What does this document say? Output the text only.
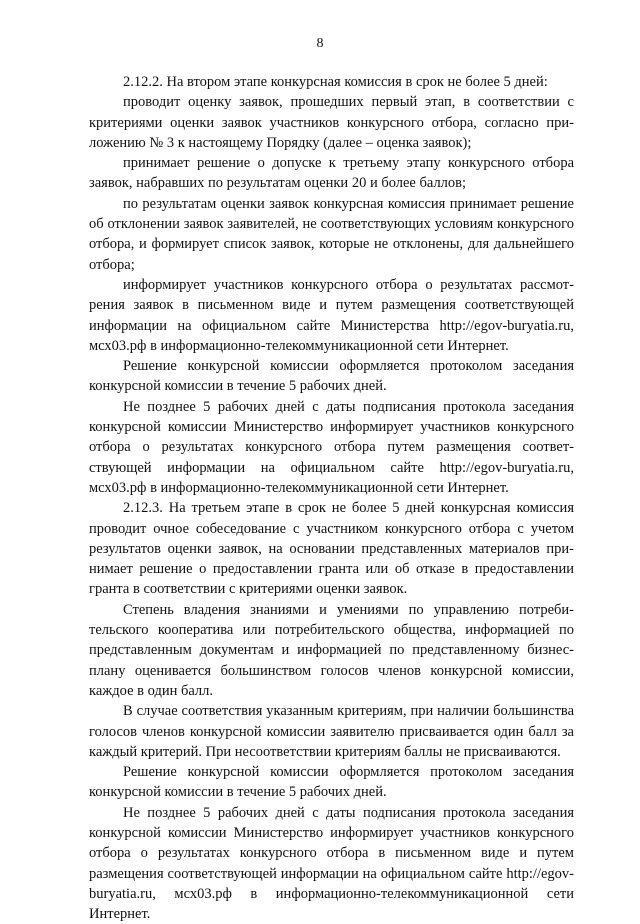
8

2.12.2. На втором этапе конкурсная комиссия в срок не более 5 дней:

проводит оценку заявок, прошедших первый этап, в соответствии с критериями оценки заявок участников конкурсного отбора, согласно приложению № 3 к настоящему Порядку (далее – оценка заявок);

принимает решение о допуске к третьему этапу конкурсного отбора заявок, набравших по результатам оценки 20 и более баллов;

по результатам оценки заявок конкурсная комиссия принимает решение об отклонении заявок заявителей, не соответствующих условиям конкурсного отбора, и формирует список заявок, которые не отклонены, для дальнейшего отбора;

информирует участников конкурсного отбора о результатах рассмотрения заявок в письменном виде и путем размещения соответствующей информации на официальном сайте Министерства http://egov-buryatia.ru, мсх03.рф в информационно-телекоммуникационной сети Интернет.

Решение конкурсной комиссии оформляется протоколом заседания конкурсной комиссии в течение 5 рабочих дней.

Не позднее 5 рабочих дней с даты подписания протокола заседания конкурсной комиссии Министерство информирует участников конкурсного отбора о результатах конкурсного отбора путем размещения соответствующей информации на официальном сайте http://egov-buryatia.ru, мсх03.рф в информационно-телекоммуникационной сети Интернет.

2.12.3. На третьем этапе в срок не более 5 дней конкурсная комиссия проводит очное собеседование с участником конкурсного отбора с учетом результатов оценки заявок, на основании представленных материалов принимает решение о предоставлении гранта или об отказе в предоставлении гранта в соответствии с критериями оценки заявок.

Степень владения знаниями и умениями по управлению потребительского кооператива или потребительского общества, информацией по представленным документам и информацией по представленному бизнес-плану оценивается большинством голосов членов конкурсной комиссии, каждое в один балл.

В случае соответствия указанным критериям, при наличии большинства голосов членов конкурсной комиссии заявителю присваивается один балл за каждый критерий. При несоответствии критериям баллы не присваиваются.

Решение конкурсной комиссии оформляется протоколом заседания конкурсной комиссии в течение 5 рабочих дней.

Не позднее 5 рабочих дней с даты подписания протокола заседания конкурсной комиссии Министерство информирует участников конкурсного отбора о результатах конкурсного отбора в письменном виде и путем размещения соответствующей информации на официальном сайте http://egov-buryatia.ru, мсх03.рф в информационно-телекоммуникационной сети Интернет.
